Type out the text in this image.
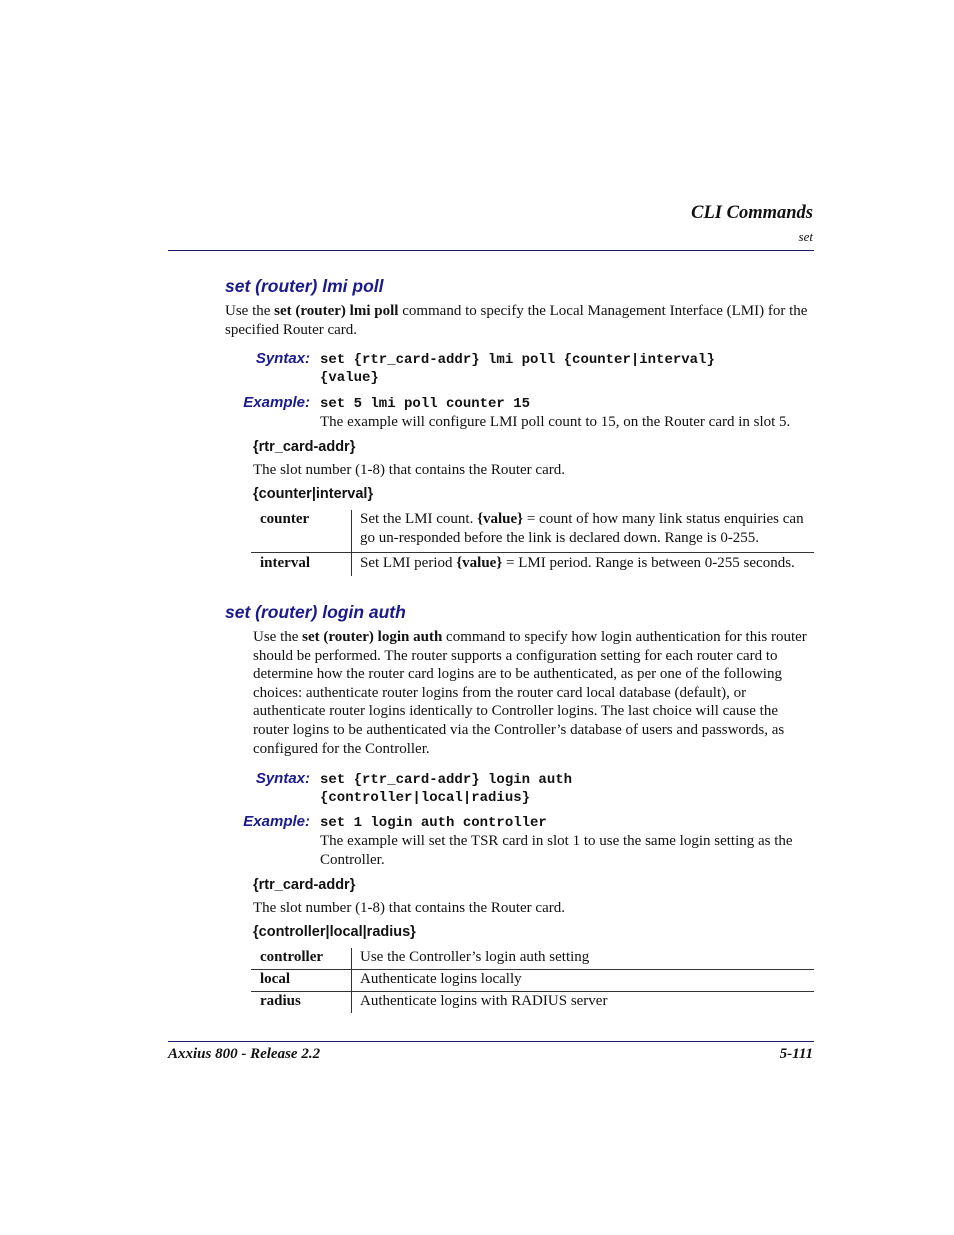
CLI Commands
set
set (router) lmi poll
Use the set (router) lmi poll command to specify the Local Management Interface (LMI) for the specified Router card.
Syntax: set {rtr_card-addr} lmi poll {counter|interval}
{value}
Example: set 5 lmi poll counter 15
The example will configure LMI poll count to 15, on the Router card in slot 5.
{rtr_card-addr}
The slot number (1-8) that contains the Router card.
{counter|interval}
counter	Set the LMI count. {value} = count of how many link status enquiries can go un-responded before the link is declared down. Range is 0-255.
interval	Set LMI period {value} = LMI period. Range is between 0-255 seconds.
set (router) login auth
Use the set (router) login auth command to specify how login authentication for this router should be performed. The router supports a configuration setting for each router card to determine how the router card logins are to be authenticated, as per one of the following choices: authenticate router logins from the router card local database (default), or authenticate router logins identically to Controller logins. The last choice will cause the router logins to be authenticated via the Controller’s database of users and passwords, as configured for the Controller.
Syntax: set {rtr_card-addr} login auth
{controller|local|radius}
Example: set 1 login auth controller
The example will set the TSR card in slot 1 to use the same login setting as the Controller.
{rtr_card-addr}
The slot number (1-8) that contains the Router card.
{controller|local|radius}
controller	Use the Controller’s login auth setting
local	Authenticate logins locally
radius	Authenticate logins with RADIUS server
Axxius 800 - Release 2.2	5-111
